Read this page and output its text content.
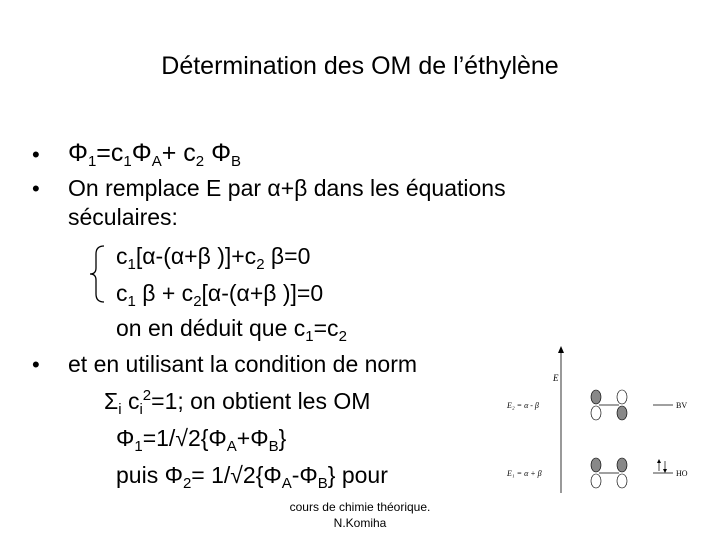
Détermination des OM de l’éthylène
• $\Phi_1=c_1\Phi_A+ c_2$ $\Phi_B$
• On remplace E par α+β dans les équations
séculaires:
$c_1[\alpha-(\alpha+\beta$ )]$+c_2$ β=0
$c_1$ $\beta + c_2[\alpha-(\alpha+\beta$ )]=0
on en déduit que $c_1=c_2$
• et en utilisant la condition de norm
$\Sigma_i$ $c_i^2=1$; on obtient les OM
$\Phi_1=1/√2\{\Phi_A+\Phi_B\}$
puis $\Phi_2= 1/√2\{\Phi_A-\Phi_B\}$ pour
cours de chimie théorique.
N.Komiha
E
E₂ = α - β
E₁ = α + β
BV
HO
